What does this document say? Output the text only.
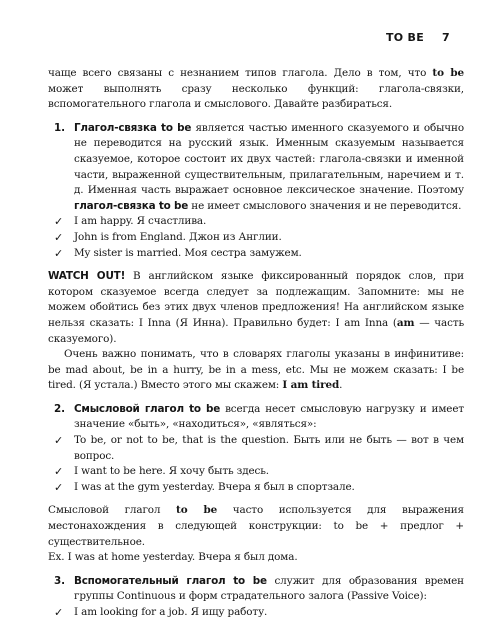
TO BE 7

чаще всего связаны с незнанием типов глагола. Дело в том, что to be может выполнять сразу несколько функций: глагола-связки, вспомогательного глагола и смыслового. Давайте разбираться.

1. Глагол-связка to be является частью именного сказуемого и обычно не переводится на русский язык. Именным сказуемым называется сказуемое, которое состоит их двух частей: глагола-связки и именной части, выраженной существительным, прилагательным, наречием и т. д. Именная часть выражает основное лексическое значение. Поэтому глагол-связка to be не имеет смыслового значения и не переводится.
✓ I am happy. Я счастлива.
✓ John is from England. Джон из Англии.
✓ My sister is married. Моя сестра замужем.

WATCH OUT! В английском языке фиксированный порядок слов, при котором сказуемое всегда следует за подлежащим. Запомните: мы не можем обойтись без этих двух членов предложения! На английском языке нельзя сказать: I Inna (Я Инна). Правильно будет: I am Inna (am — часть сказуемого).

Очень важно понимать, что в словарях глаголы указаны в инфинитиве: be mad about, be in a hurry, be in a mess, etc. Мы не можем сказать: I be tired. (Я устала.) Вместо этого мы скажем: I am tired.

2. Смысловой глагол to be всегда несет смысловую нагрузку и имеет значение «быть», «находиться», «являться»:
✓ To be, or not to be, that is the question. Быть или не быть — вот в чем вопрос.
✓ I want to be here. Я хочу быть здесь.
✓ I was at the gym yesterday. Вчера я был в спортзале.

Смысловой глагол to be часто используется для выражения местонахождения в следующей конструкции: to be + предлог + существительное.

Ex. I was at home yesterday. Вчера я был дома.

3. Вспомогательный глагол to be служит для образования времен группы Continuous и форм страдательного залога (Passive Voice):
✓ I am looking for a job. Я ищу работу.
